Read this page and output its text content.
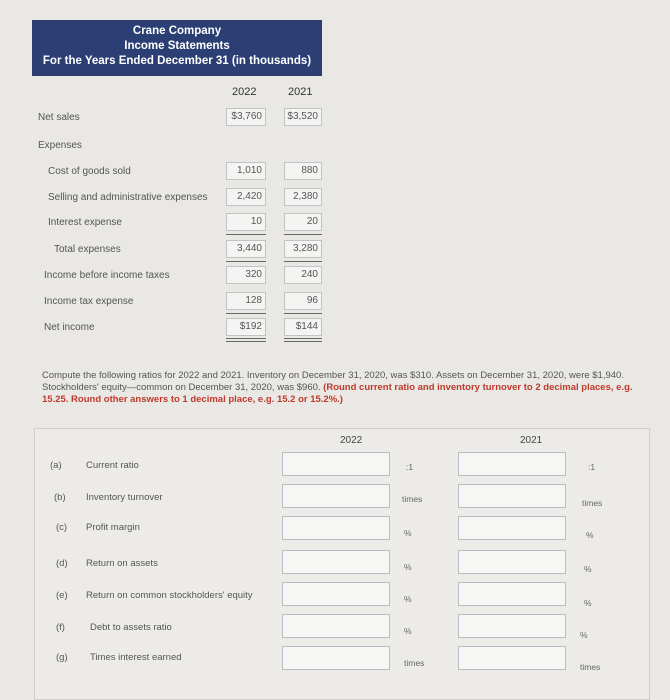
Crane Company
Income Statements
For the Years Ended December 31 (in thousands)
2022	2021
Net sales	$3,760	$3,520
Expenses
Cost of goods sold	1,010	880
Selling and administrative expenses	2,420	2,380
Interest expense	10	20
Total expenses	3,440	3,280
Income before income taxes	320	240
Income tax expense	128	96
Net income	$192	$144
Compute the following ratios for 2022 and 2021. Inventory on December 31, 2020, was $310. Assets on December 31, 2020, were $1,940. Stockholders' equity—common on December 31, 2020, was $960. (Round current ratio and inventory turnover to 2 decimal places, e.g. 15.25. Round other answers to 1 decimal place, e.g. 15.2 or 15.2%.)
2022	2021
(a)	Current ratio	:1	:1
(b) Inventory turnover	times	times
(c) Profit margin	%	%
(d) Return on assets	%	%
(e) Return on common stockholders' equity	%	%
(f)	Debt to assets ratio	%	%
(g) Times interest earned	times	times
